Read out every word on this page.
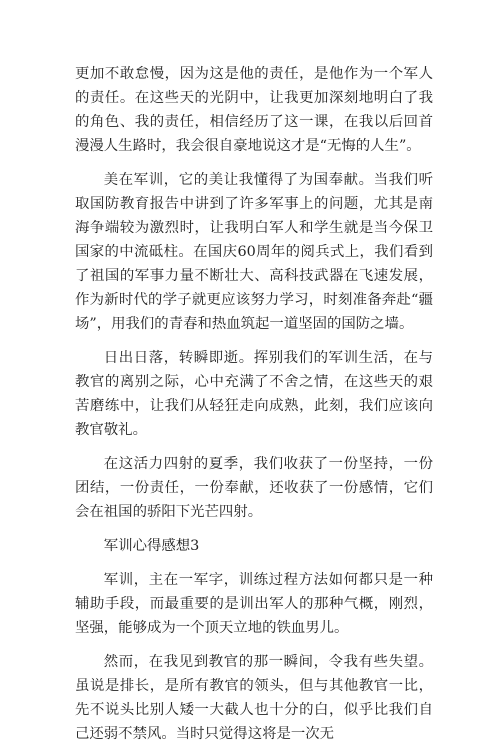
更加不敢怠慢，因为这是他的责任，是他作为一个军人的责任。在这些天的光阴中，让我更加深刻地明白了我的角色、我的责任，相信经历了这一课，在我以后回首漫漫人生路时，我会很自豪地说这才是“无悔的人生”。

美在军训，它的美让我懂得了为国奉献。当我们听取国防教育报告中讲到了许多军事上的问题，尤其是南海争端较为激烈时，让我明白军人和学生就是当今保卫国家的中流砥柱。在国庆60周年的阅兵式上，我们看到了祖国的军事力量不断壮大、高科技武器在飞速发展，作为新时代的学子就更应该努力学习，时刻准备奔赴“疆场”，用我们的青春和热血筑起一道坚固的国防之墙。

日出日落，转瞬即逝。挥别我们的军训生活，在与教官的离别之际，心中充满了不舍之情，在这些天的艰苦磨练中，让我们从轻狂走向成熟，此刻，我们应该向教官敬礼。

在这活力四射的夏季，我们收获了一份坚持，一份团结，一份责任，一份奉献，还收获了一份感情，它们会在祖国的骄阳下光芒四射。

军训心得感想3

军训，主在一军字，训练过程方法如何都只是一种辅助手段，而最重要的是训出军人的那种气概，刚烈，坚强，能够成为一个顶天立地的铁血男儿。

然而，在我见到教官的那一瞬间，令我有些失望。虽说是排长，是所有教官的领头，但与其他教官一比，先不说头比别人矮一大截人也十分的白，似乎比我们自己还弱不禁风。当时只觉得这将是一次无
